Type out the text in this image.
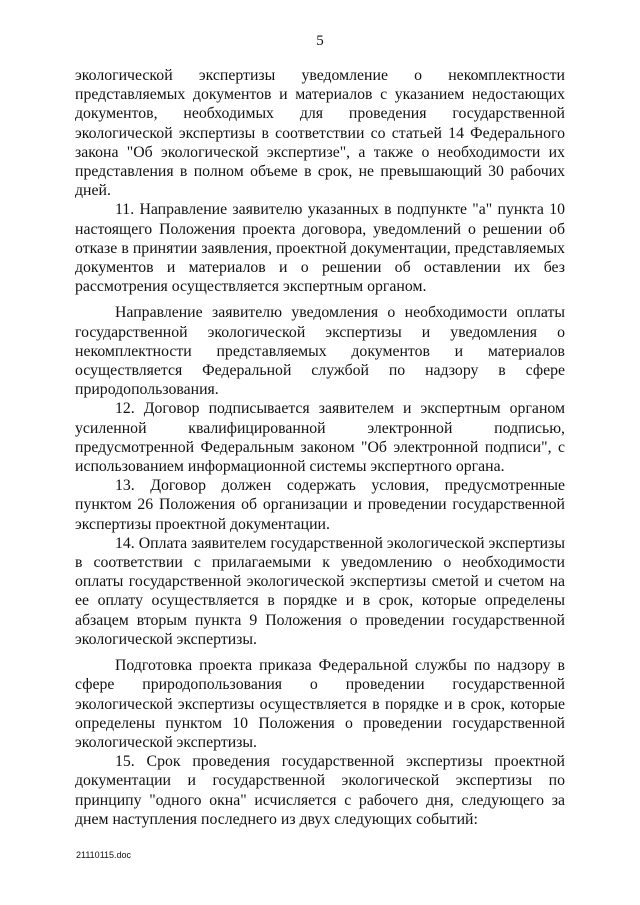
5

экологической экспертизы уведомление о некомплектности представляемых документов и материалов с указанием недостающих документов, необходимых для проведения государственной экологической экспертизы в соответствии со статьей 14 Федерального закона "Об экологической экспертизе", а также о необходимости их представления в полном объеме в срок, не превышающий 30 рабочих дней.

11. Направление заявителю указанных в подпункте "а" пункта 10 настоящего Положения проекта договора, уведомлений о решении об отказе в принятии заявления, проектной документации, представляемых документов и материалов и о решении об оставлении их без рассмотрения осуществляется экспертным органом.

Направление заявителю уведомления о необходимости оплаты государственной экологической экспертизы и уведомления о некомплектности представляемых документов и материалов осуществляется Федеральной службой по надзору в сфере природопользования.

12. Договор подписывается заявителем и экспертным органом усиленной квалифицированной электронной подписью, предусмотренной Федеральным законом "Об электронной подписи", с использованием информационной системы экспертного органа.

13. Договор должен содержать условия, предусмотренные пунктом 26 Положения об организации и проведении государственной экспертизы проектной документации.

14. Оплата заявителем государственной экологической экспертизы в соответствии с прилагаемыми к уведомлению о необходимости оплаты государственной экологической экспертизы сметой и счетом на ее оплату осуществляется в порядке и в срок, которые определены абзацем вторым пункта 9 Положения о проведении государственной экологической экспертизы.

Подготовка проекта приказа Федеральной службы по надзору в сфере природопользования о проведении государственной экологической экспертизы осуществляется в порядке и в срок, которые определены пунктом 10 Положения о проведении государственной экологической экспертизы.

15. Срок проведения государственной экспертизы проектной документации и государственной экологической экспертизы по принципу "одного окна" исчисляется с рабочего дня, следующего за днем наступления последнего из двух следующих событий:

21110115.doc
